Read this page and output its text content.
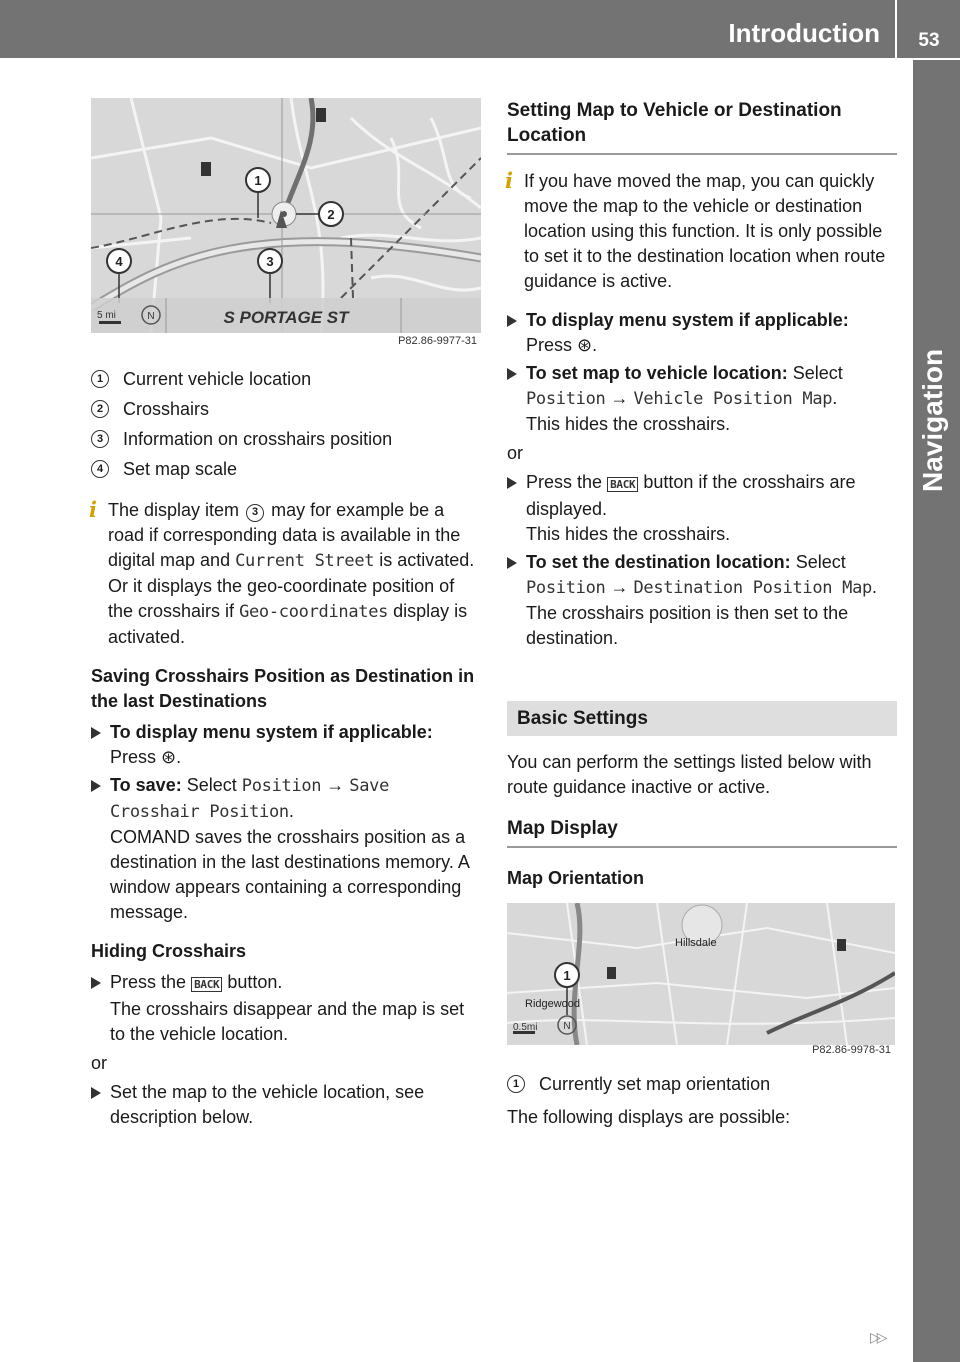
Introduction	53
Navigation
1
2
3
4
N
5 mi	S PORTAGE ST
P82.86-9977-31
1	Current vehicle location
2	Crosshairs
3	Information on crosshairs position
4	Set map scale
i The display item 3 may for example be a road if corresponding data is available in the digital map and Current Street is activated. Or it displays the geo-coordinate position of the crosshairs if Geo-coordinates display is activated.
Saving Crosshairs Position as Destination in the last Destinations
To display menu system if applicable:
Press ⊛.
To save: Select Position → Save Crosshair Position.
COMAND saves the crosshairs position as a destination in the last destinations memory. A window appears containing a corresponding message.
Hiding Crosshairs
Press the BACK button.
The crosshairs disappear and the map is set to the vehicle location.
or
Set the map to the vehicle location, see description below.
Setting Map to Vehicle or Destination Location
i If you have moved the map, you can quickly move the map to the vehicle or destination location using this function. It is only possible to set it to the destination location when route guidance is active.
To display menu system if applicable:
Press ⊛.
To set map to vehicle location: Select
Position → Vehicle Position Map.
This hides the crosshairs.
or
Press the BACK button if the crosshairs are displayed.
This hides the crosshairs.
To set the destination location: Select
Position → Destination Position Map.
The crosshairs position is then set to the destination.
Basic Settings
You can perform the settings listed below with route guidance inactive or active.
Map Display
Map Orientation
1
N
Hillsdale
Ridgewood
0.5mi
P82.86-9978-31
1	Currently set map orientation
The following displays are possible:
▷▷
